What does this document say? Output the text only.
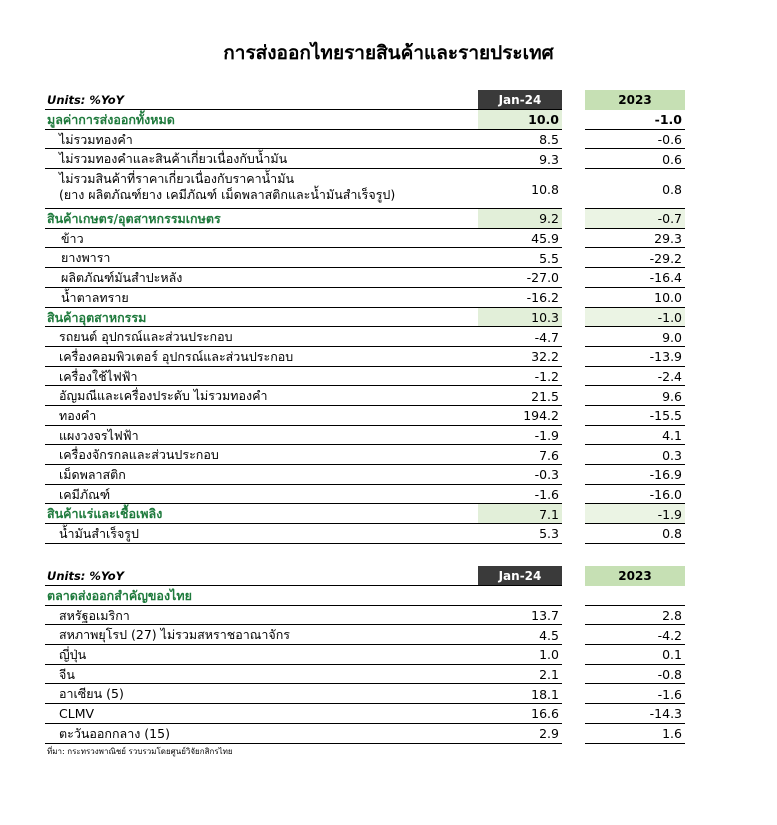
การส่งออกไทยรายสินค้าและรายประเทศ
Units: %YoY	Jan-24	2023
มูลค่าการส่งออกทั้งหมด	10.0	-1.0
ไม่รวมทองคำ	8.5	-0.6
ไม่รวมทองคำและสินค้าเกี่ยวเนื่องกับน้ำมัน	9.3	0.6
ไม่รวมสินค้าที่ราคาเกี่ยวเนื่องกับราคาน้ำมัน
(ยาง ผลิตภัณฑ์ยาง เคมีภัณฑ์ เม็ดพลาสติกและน้ำมันสำเร็จรูป)	10.8	0.8
สินค้าเกษตร/อุตสาหกรรมเกษตร	9.2	-0.7
ข้าว	45.9	29.3
ยางพารา	5.5	-29.2
ผลิตภัณฑ์มันสำปะหลัง	-27.0	-16.4
น้ำตาลทราย	-16.2	10.0
สินค้าอุตสาหกรรม	10.3	-1.0
รถยนต์ อุปกรณ์และส่วนประกอบ	-4.7	9.0
เครื่องคอมพิวเตอร์ อุปกรณ์และส่วนประกอบ	32.2	-13.9
เครื่องใช้ไฟฟ้า	-1.2	-2.4
อัญมณีและเครื่องประดับ ไม่รวมทองคำ	21.5	9.6
ทองคำ	194.2	-15.5
แผงวงจรไฟฟ้า	-1.9	4.1
เครื่องจักรกลและส่วนประกอบ	7.6	0.3
เม็ดพลาสติก	-0.3	-16.9
เคมีภัณฑ์	-1.6	-16.0
สินค้าแร่และเชื้อเพลิง	7.1	-1.9
น้ำมันสำเร็จรูป	5.3	0.8
Units: %YoY	Jan-24	2023
ตลาดส่งออกสำคัญของไทย
สหรัฐอเมริกา	13.7	2.8
สหภาพยุโรป (27) ไม่รวมสหราชอาณาจักร	4.5	-4.2
ญี่ปุ่น	1.0	0.1
จีน	2.1	-0.8
อาเซียน (5)	18.1	-1.6
CLMV	16.6	-14.3
ตะวันออกกลาง (15)	2.9	1.6
ที่มา: กระทรวงพาณิชย์ รวบรวมโดยศูนย์วิจัยกสิกรไทย
